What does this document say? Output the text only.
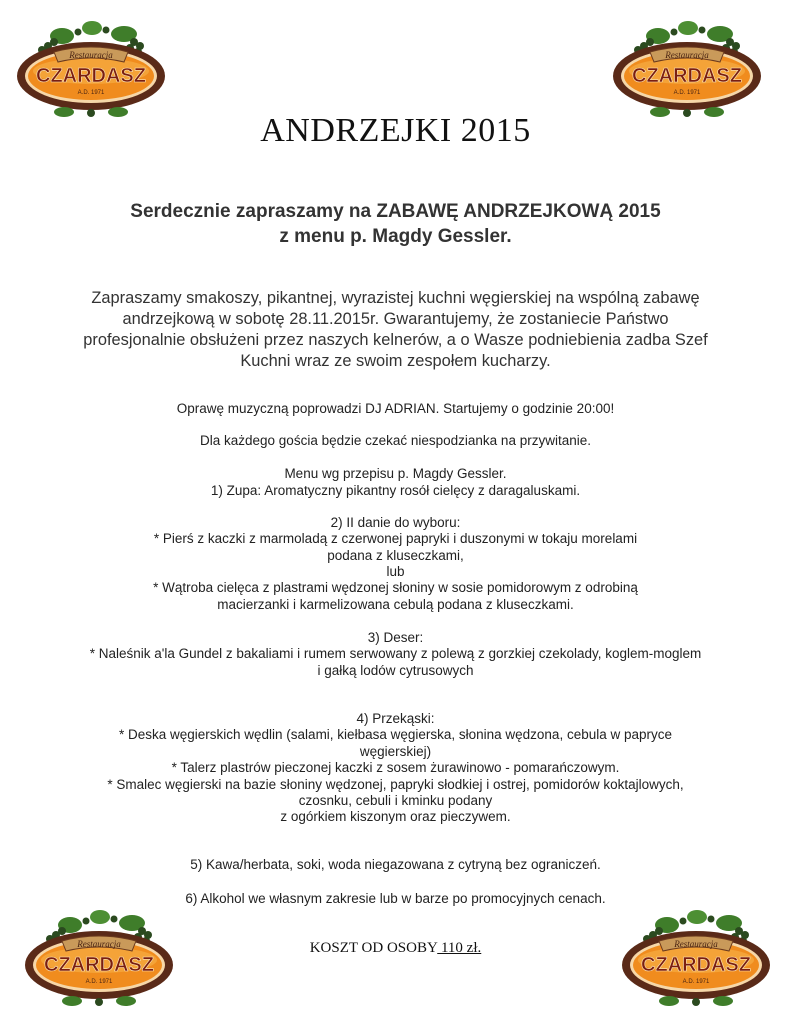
Restauracja
CZARDASZ
A.D. 1971
Restauracja
CZARDASZ
A.D. 1971
ANDRZEJKI 2015
Serdecznie zapraszamy na ZABAWĘ ANDRZEJKOWĄ 2015
z menu p. Magdy Gessler.
Zapraszamy smakoszy, pikantnej, wyrazistej kuchni węgierskiej na wspólną zabawę andrzejkową w sobotę 28.11.2015r. Gwarantujemy, że zostaniecie Państwo profesjonalnie obsłużeni przez naszych kelnerów, a o Wasze podniebienia zadba Szef Kuchni wraz ze swoim zespołem kucharzy.
Oprawę muzyczną poprowadzi DJ ADRIAN. Startujemy o godzinie 20:00!
Dla każdego gościa będzie czekać niespodzianka na przywitanie.
Menu wg przepisu p. Magdy Gessler.
1) Zupa: Aromatyczny pikantny rosół cielęcy z daragaluskami.
2) II danie do wyboru:
* Pierś z kaczki z marmoladą z czerwonej papryki i duszonymi w tokaju morelami
podana z kluseczkami,
lub
* Wątroba cielęca z plastrami wędzonej słoniny w sosie pomidorowym z odrobiną
macierzanki i karmelizowana cebulą podana z kluseczkami.
3) Deser:
* Naleśnik a'la Gundel z bakaliami i rumem serwowany z polewą z gorzkiej czekolady, koglem-moglem
i gałką lodów cytrusowych
4) Przekąski:
* Deska węgierskich wędlin (salami, kiełbasa węgierska, słonina wędzona, cebula w papryce
węgierskiej)
* Talerz plastrów pieczonej kaczki z sosem żurawinowo - pomarańczowym.
* Smalec węgierski na bazie słoniny wędzonej, papryki słodkiej i ostrej, pomidorów koktajlowych,
czosnku, cebuli i kminku podany
z ogórkiem kiszonym oraz pieczywem.
5) Kawa/herbata, soki, woda niegazowana z cytryną bez ograniczeń.
6) Alkohol we własnym zakresie lub w barze po promocyjnych cenach.
Restauracja
CZARDASZ
A.D. 1971
KOSZT OD OSOBY 110 zł.	Restauracja
CZARDASZ
A.D. 1971
